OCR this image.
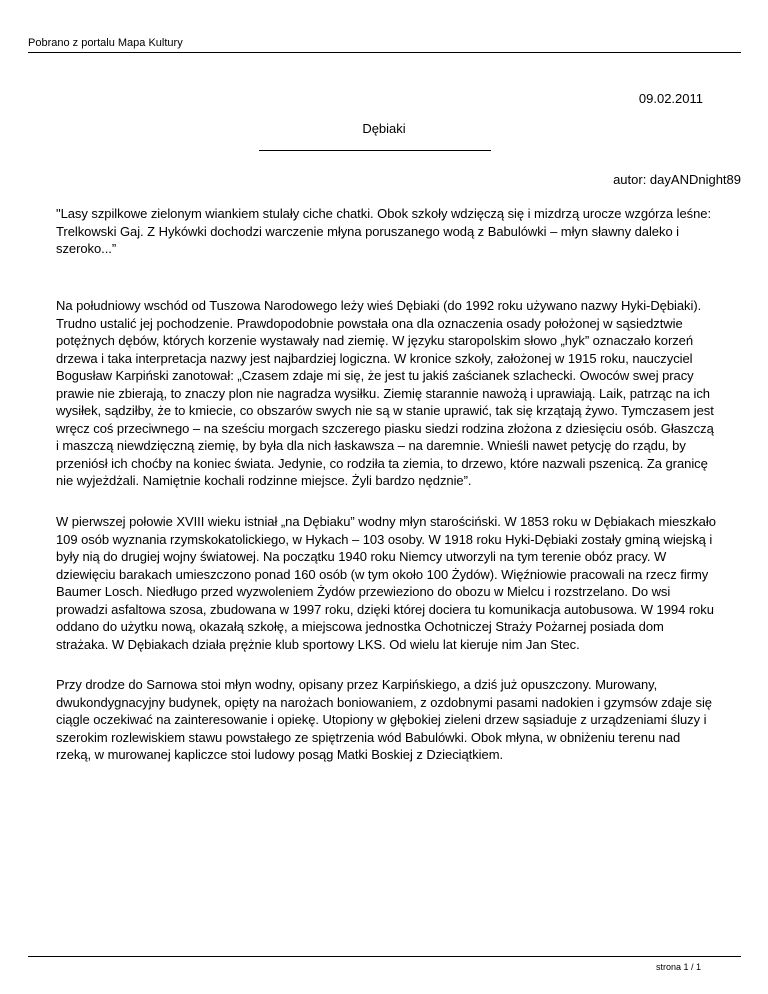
Pobrano z portalu Mapa Kultury
09.02.2011
Dębiaki
autor: dayANDnight89

"Lasy szpilkowe zielonym wiankiem stulały ciche chatki. Obok szkoły wdzięczą się i mizdrzą urocze wzgórza leśne: Trelkowski Gaj. Z Hykówki dochodzi warczenie młyna poruszanego wodą z Babulówki – młyn sławny daleko i szeroko...”

Na południowy wschód od Tuszowa Narodowego leży wieś Dębiaki (do 1992 roku używano nazwy Hyki-Dębiaki). Trudno ustalić jej pochodzenie. Prawdopodobnie powstała ona dla oznaczenia osady położonej w sąsiedztwie potężnych dębów, których korzenie wystawały nad ziemię. W języku staropolskim słowo „hyk” oznaczało korzeń drzewa i taka interpretacja nazwy jest najbardziej logiczna. W kronice szkoły, założonej w 1915 roku, nauczyciel Bogusław Karpiński zanotował: „Czasem zdaje mi się, że jest tu jakiś zaścianek szlachecki. Owoców swej pracy prawie nie zbierają, to znaczy plon nie nagradza wysiłku. Ziemię starannie nawożą i uprawiają. Laik, patrząc na ich wysiłek, sądziłby, że to kmiecie, co obszarów swych nie są w stanie uprawić, tak się krzątają żywo. Tymczasem jest wręcz coś przeciwnego – na sześciu morgach szczerego piasku siedzi rodzina złożona z dziesięciu osób. Głaszczą i maszczą niewdzięczną ziemię, by była dla nich łaskawsza – na daremnie. Wnieśli nawet petycję do rządu, by przeniósł ich choćby na koniec świata. Jedynie, co rodziła ta ziemia, to drzewo, które nazwali pszenicą. Za granicę nie wyjeżdżali. Namiętnie kochali rodzinne miejsce. Żyli bardzo nędznie”.

W pierwszej połowie XVIII wieku istniał „na Dębiaku” wodny młyn starościński. W 1853 roku w Dębiakach mieszkało 109 osób wyznania rzymskokatolickiego, w Hykach – 103 osoby. W 1918 roku Hyki-Dębiaki zostały gminą wiejską i były nią do drugiej wojny światowej. Na początku 1940 roku Niemcy utworzyli na tym terenie obóz pracy. W dziewięciu barakach umieszczono ponad 160 osób (w tym około 100 Żydów). Więźniowie pracowali na rzecz firmy Baumer Losch. Niedługo przed wyzwoleniem Żydów przewieziono do obozu w Mielcu i rozstrzelano. Do wsi prowadzi asfaltowa szosa, zbudowana w 1997 roku, dzięki której dociera tu komunikacja autobusowa. W 1994 roku oddano do użytku nową, okazałą szkołę, a miejscowa jednostka Ochotniczej Straży Pożarnej posiada dom strażaka. W Dębiakach działa prężnie klub sportowy LKS. Od wielu lat kieruje nim Jan Stec.

Przy drodze do Sarnowa stoi młyn wodny, opisany przez Karpińskiego, a dziś już opuszczony. Murowany, dwukondygnacyjny budynek, opięty na narożach boniowaniem, z ozdobnymi pasami nadokien i gzymsów zdaje się ciągle oczekiwać na zainteresowanie i opiekę. Utopiony w głębokiej zieleni drzew sąsiaduje z urządzeniami śluzy i szerokim rozlewiskiem stawu powstałego ze spiętrzenia wód Babulówki. Obok młyna, w obniżeniu terenu nad rzeką, w murowanej kapliczce stoi ludowy posąg Matki Boskiej z Dzieciątkiem.

strona 1 / 1
